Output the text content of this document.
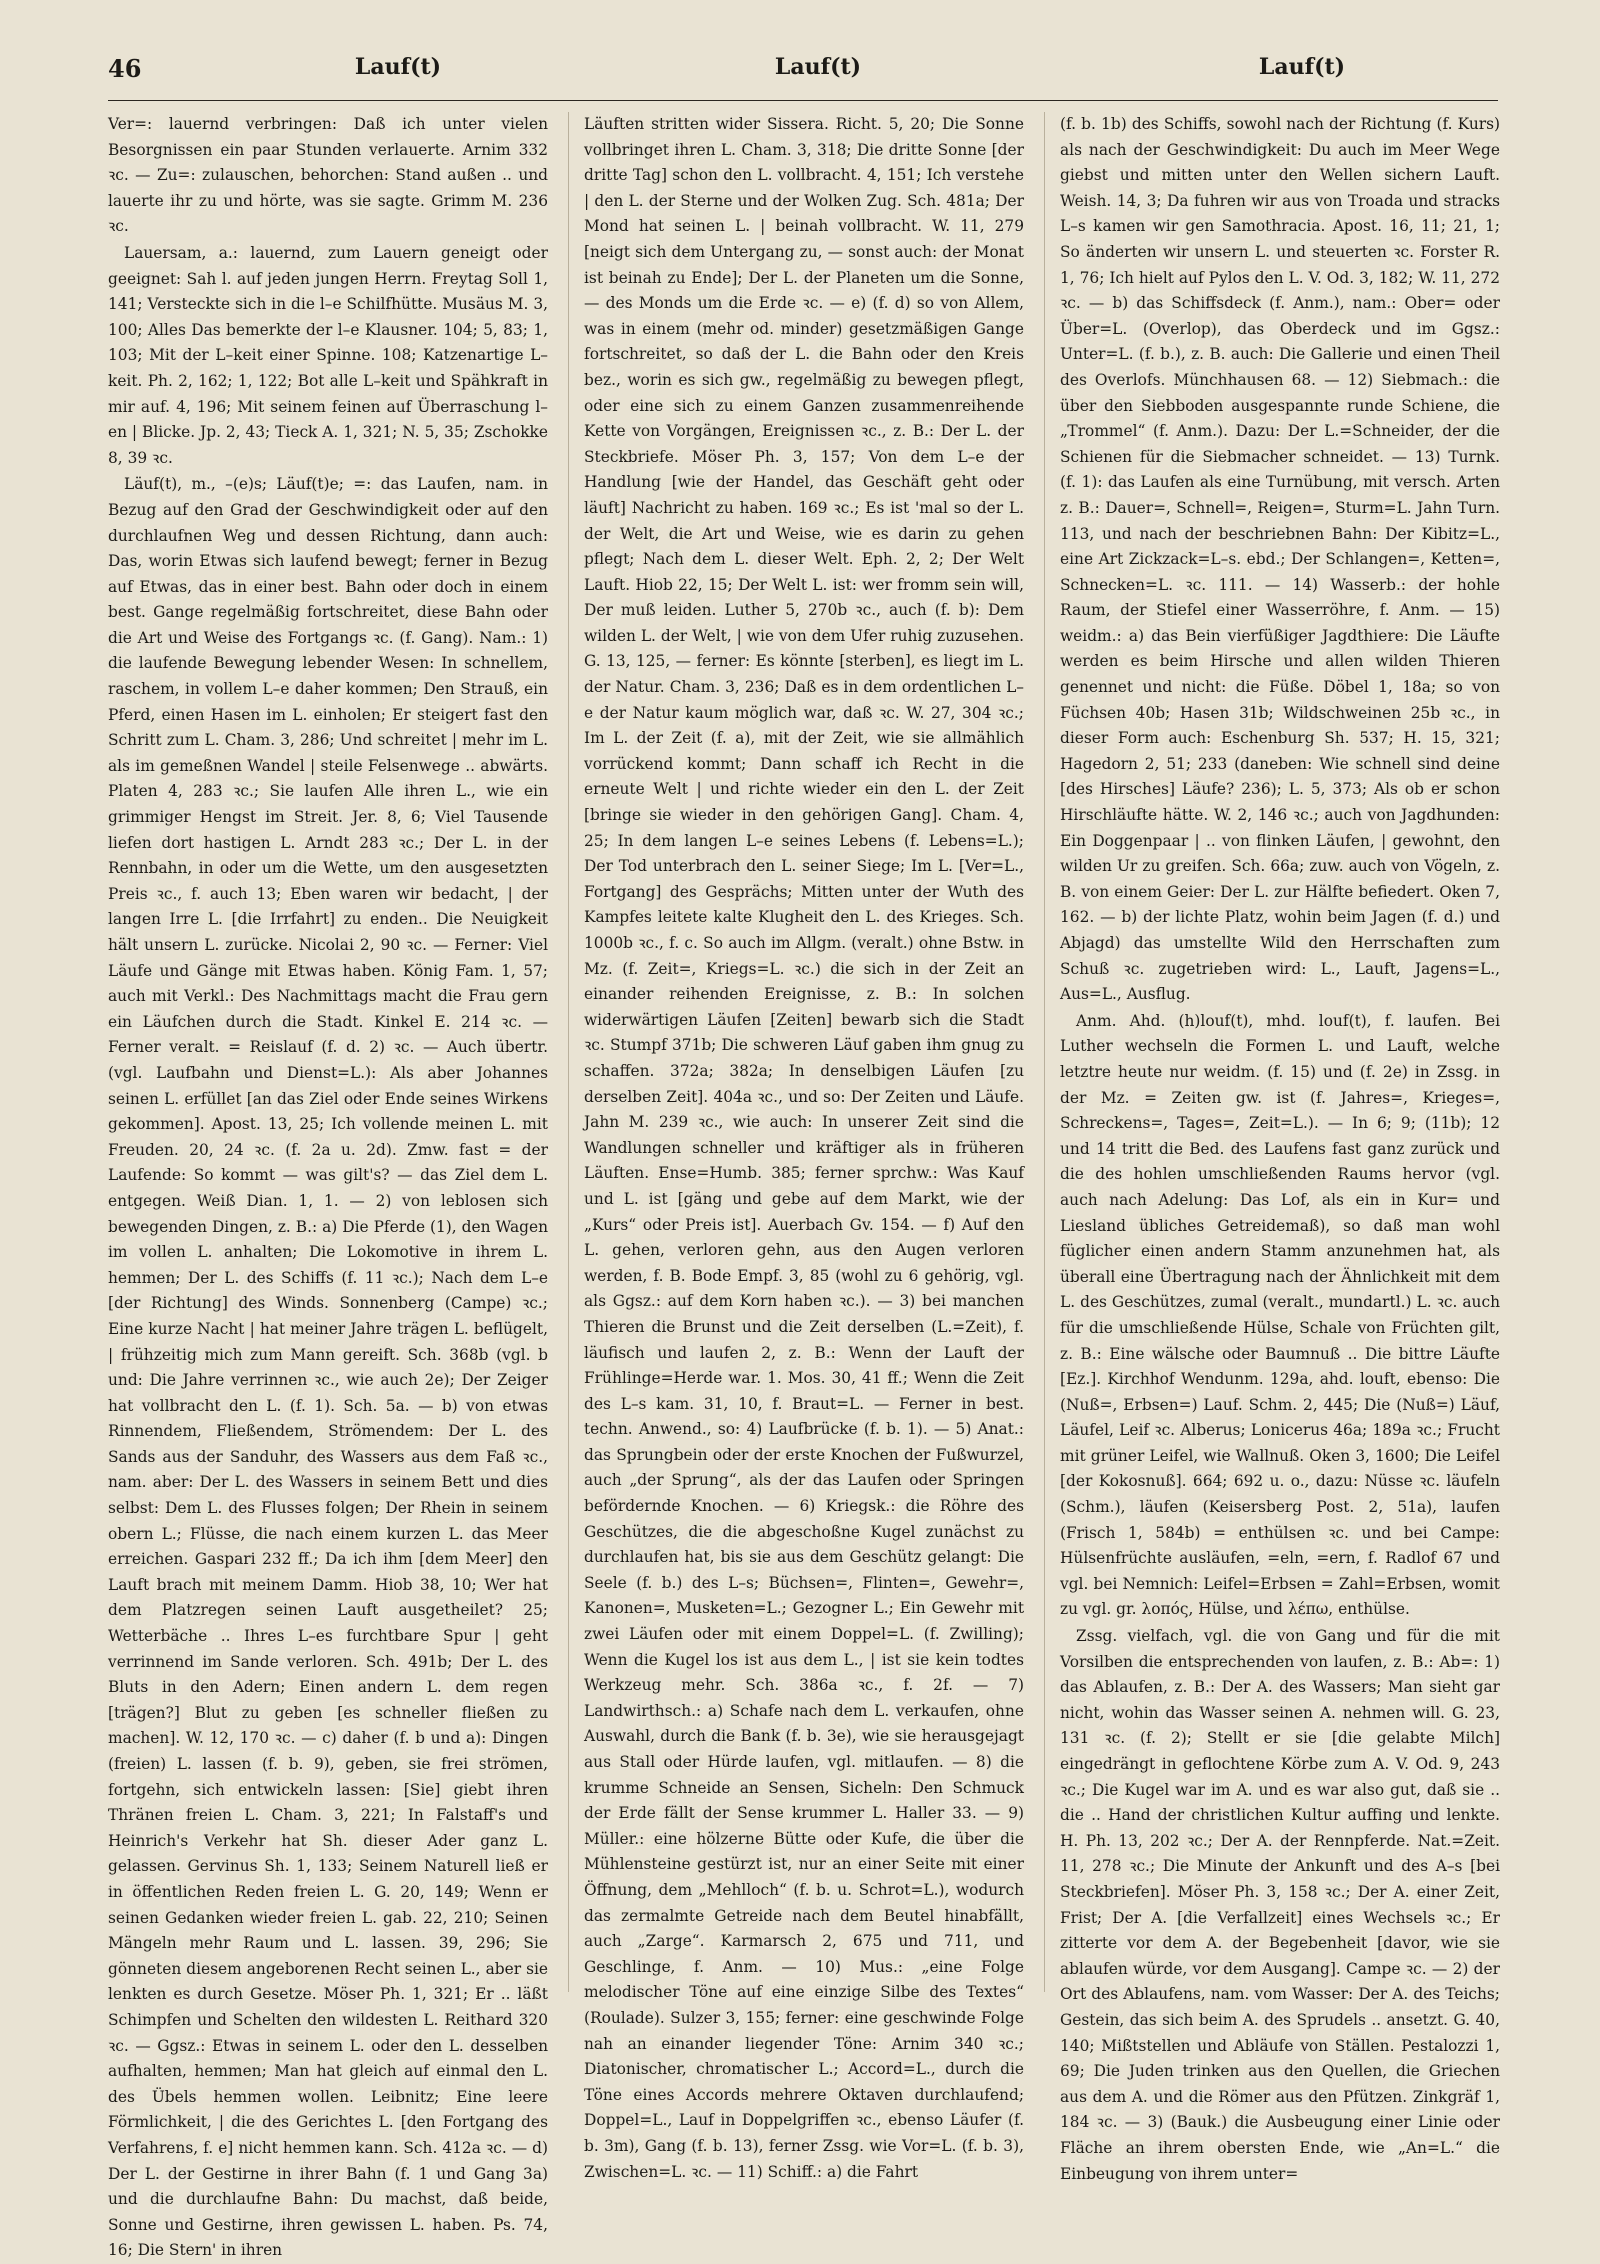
46	Lauf(t)	Lauf(t)	Lauf(t)

Ver=: lauernd verbringen: Daß ich unter vielen Besorgnissen ein paar Stunden verlauerte. Arnim 332 ꝛc. — Zu=: zulauschen, behorchen: Stand außen .. und lauerte ihr zu und hörte, was sie sagte. Grimm M. 236 ꝛc.

Lauersam, a.: lauernd, zum Lauern geneigt oder geeignet: Sah l. auf jeden jungen Herrn. Freytag Soll 1, 141; Versteckte sich in die l–e Schilfhütte. Musäus M. 3, 100; Alles Das bemerkte der l–e Klausner. 104; 5, 83; 1, 103; Mit der L–keit einer Spinne. 108; Katzenartige L–keit. Ph. 2, 162; 1, 122; Bot alle L–keit und Spähkraft in mir auf. 4, 196; Mit seinem feinen auf Überraschung l–en | Blicke. Jp. 2, 43; Tieck A. 1, 321; N. 5, 35; Zschokke 8, 39 ꝛc.

Läuf(t), m., –(e)s; Läuf(t)e; =: das Laufen, nam. in Bezug auf den Grad der Geschwindigkeit oder auf den durchlaufnen Weg und dessen Richtung, dann auch: Das, worin Etwas sich laufend bewegt; ferner in Bezug auf Etwas, das in einer best. Bahn oder doch in einem best. Gange regelmäßig fortschreitet, diese Bahn oder die Art und Weise des Fortgangs ꝛc. (f. Gang). Nam.: 1) die laufende Bewegung lebender Wesen: In schnellem, raschem, in vollem L–e daher kommen; Den Strauß, ein Pferd, einen Hasen im L. einholen; Er steigert fast den Schritt zum L. Cham. 3, 286; Und schreitet | mehr im L. als im gemeßnen Wandel | steile Felsenwege .. abwärts. Platen 4, 283 ꝛc.; Sie laufen Alle ihren L., wie ein grimmiger Hengst im Streit. Jer. 8, 6; Viel Tausende liefen dort hastigen L. Arndt 283 ꝛc.; Der L. in der Rennbahn, in oder um die Wette, um den ausgesetzten Preis ꝛc., f. auch 13; Eben waren wir bedacht, | der langen Irre L. [die Irrfahrt] zu enden.. Die Neuigkeit hält unsern L. zurücke. Nicolai 2, 90 ꝛc. — Ferner: Viel Läufe und Gänge mit Etwas haben. König Fam. 1, 57; auch mit Verkl.: Des Nachmittags macht die Frau gern ein Läufchen durch die Stadt. Kinkel E. 214 ꝛc. — Ferner veralt. = Reislauf (f. d. 2) ꝛc. — Auch übertr. (vgl. Laufbahn und Dienst=L.): Als aber Johannes seinen L. erfüllet [an das Ziel oder Ende seines Wirkens gekommen]. Apost. 13, 25; Ich vollende meinen L. mit Freuden. 20, 24 ꝛc. (f. 2a u. 2d). Zmw. fast = der Laufende: So kommt — was gilt's? — das Ziel dem L. entgegen. Weiß Dian. 1, 1. — 2) von leblosen sich bewegenden Dingen, z. B.: a) Die Pferde (1), den Wagen im vollen L. anhalten; Die Lokomotive in ihrem L. hemmen; Der L. des Schiffs (f. 11 ꝛc.); Nach dem L–e [der Richtung] des Winds. Sonnenberg (Campe) ꝛc.; Eine kurze Nacht | hat meiner Jahre trägen L. beflügelt, | frühzeitig mich zum Mann gereift. Sch. 368b (vgl. b und: Die Jahre verrinnen ꝛc., wie auch 2e); Der Zeiger hat vollbracht den L. (f. 1). Sch. 5a. — b) von etwas Rinnendem, Fließendem, Strömendem: Der L. des Sands aus der Sanduhr, des Wassers aus dem Faß ꝛc., nam. aber: Der L. des Wassers in seinem Bett und dies selbst: Dem L. des Flusses folgen; Der Rhein in seinem obern L.; Flüsse, die nach einem kurzen L. das Meer erreichen. Gaspari 232 ff.; Da ich ihm [dem Meer] den Lauft brach mit meinem Damm. Hiob 38, 10; Wer hat dem Platzregen seinen Lauft ausgetheilet? 25; Wetterbäche .. Ihres L–es furchtbare Spur | geht verrinnend im Sande verloren. Sch. 491b; Der L. des Bluts in den Adern; Einen andern L. dem regen [trägen?] Blut zu geben [es schneller fließen zu machen]. W. 12, 170 ꝛc. — c) daher (f. b und a): Dingen (freien) L. lassen (f. b. 9), geben, sie frei strömen, fortgehn, sich entwickeln lassen: [Sie] giebt ihren Thränen freien L. Cham. 3, 221; In Falstaff's und Heinrich's Verkehr hat Sh. dieser Ader ganz L. gelassen. Gervinus Sh. 1, 133; Seinem Naturell ließ er in öffentlichen Reden freien L. G. 20, 149; Wenn er seinen Gedanken wieder freien L. gab. 22, 210; Seinen Mängeln mehr Raum und L. lassen. 39, 296; Sie gönneten diesem angeborenen Recht seinen L., aber sie lenkten es durch Gesetze. Möser Ph. 1, 321; Er .. läßt Schimpfen und Schelten den wildesten L. Reithard 320 ꝛc. — Ggsz.: Etwas in seinem L. oder den L. desselben aufhalten, hemmen; Man hat gleich auf einmal den L. des Übels hemmen wollen. Leibnitz; Eine leere Förmlichkeit, | die des Gerichtes L. [den Fortgang des Verfahrens, f. e] nicht hemmen kann. Sch. 412a ꝛc. — d) Der L. der Gestirne in ihrer Bahn (f. 1 und Gang 3a) und die durchlaufne Bahn: Du machst, daß beide, Sonne und Gestirne, ihren gewissen L. haben. Ps. 74, 16; Die Stern' in ihren

Läuften stritten wider Sissera. Richt. 5, 20; Die Sonne vollbringet ihren L. Cham. 3, 318; Die dritte Sonne [der dritte Tag] schon den L. vollbracht. 4, 151; Ich verstehe | den L. der Sterne und der Wolken Zug. Sch. 481a; Der Mond hat seinen L. | beinah vollbracht. W. 11, 279 [neigt sich dem Untergang zu, — sonst auch: der Monat ist beinah zu Ende]; Der L. der Planeten um die Sonne, — des Monds um die Erde ꝛc. — e) (f. d) so von Allem, was in einem (mehr od. minder) gesetzmäßigen Gange fortschreitet, so daß der L. die Bahn oder den Kreis bez., worin es sich gw., regelmäßig zu bewegen pflegt, oder eine sich zu einem Ganzen zusammenreihende Kette von Vorgängen, Ereignissen ꝛc., z. B.: Der L. der Steckbriefe. Möser Ph. 3, 157; Von dem L–e der Handlung [wie der Handel, das Geschäft geht oder läuft] Nachricht zu haben. 169 ꝛc.; Es ist 'mal so der L. der Welt, die Art und Weise, wie es darin zu gehen pflegt; Nach dem L. dieser Welt. Eph. 2, 2; Der Welt Lauft. Hiob 22, 15; Der Welt L. ist: wer fromm sein will, Der muß leiden. Luther 5, 270b ꝛc., auch (f. b): Dem wilden L. der Welt, | wie von dem Ufer ruhig zuzusehen. G. 13, 125, — ferner: Es könnte [sterben], es liegt im L. der Natur. Cham. 3, 236; Daß es in dem ordentlichen L–e der Natur kaum möglich war, daß ꝛc. W. 27, 304 ꝛc.; Im L. der Zeit (f. a), mit der Zeit, wie sie allmählich vorrückend kommt; Dann schaff ich Recht in die erneute Welt | und richte wieder ein den L. der Zeit [bringe sie wieder in den gehörigen Gang]. Cham. 4, 25; In dem langen L–e seines Lebens (f. Lebens=L.); Der Tod unterbrach den L. seiner Siege; Im L. [Ver=L., Fortgang] des Gesprächs; Mitten unter der Wuth des Kampfes leitete kalte Klugheit den L. des Krieges. Sch. 1000b ꝛc., f. c. So auch im Allgm. (veralt.) ohne Bstw. in Mz. (f. Zeit=, Kriegs=L. ꝛc.) die sich in der Zeit an einander reihenden Ereignisse, z. B.: In solchen widerwärtigen Läufen [Zeiten] bewarb sich die Stadt ꝛc. Stumpf 371b; Die schweren Läuf gaben ihm gnug zu schaffen. 372a; 382a; In denselbigen Läufen [zu derselben Zeit]. 404a ꝛc., und so: Der Zeiten und Läufe. Jahn M. 239 ꝛc., wie auch: In unserer Zeit sind die Wandlungen schneller und kräftiger als in früheren Läuften. Ense=Humb. 385; ferner sprchw.: Was Kauf und L. ist [gäng und gebe auf dem Markt, wie der „Kurs“ oder Preis ist]. Auerbach Gv. 154. — f) Auf den L. gehen, verloren gehn, aus den Augen verloren werden, f. B. Bode Empf. 3, 85 (wohl zu 6 gehörig, vgl. als Ggsz.: auf dem Korn haben ꝛc.). — 3) bei manchen Thieren die Brunst und die Zeit derselben (L.=Zeit), f. läufisch und laufen 2, z. B.: Wenn der Lauft der Frühlinge=Herde war. 1. Mos. 30, 41 ff.; Wenn die Zeit des L–s kam. 31, 10, f. Braut=L. — Ferner in best. techn. Anwend., so: 4) Laufbrücke (f. b. 1). — 5) Anat.: das Sprungbein oder der erste Knochen der Fußwurzel, auch „der Sprung“, als der das Laufen oder Springen befördernde Knochen. — 6) Kriegsk.: die Röhre des Geschützes, die die abgeschoßne Kugel zunächst zu durchlaufen hat, bis sie aus dem Geschütz gelangt: Die Seele (f. b.) des L–s; Büchsen=, Flinten=, Gewehr=, Kanonen=, Musketen=L.; Gezogner L.; Ein Gewehr mit zwei Läufen oder mit einem Doppel=L. (f. Zwilling); Wenn die Kugel los ist aus dem L., | ist sie kein todtes Werkzeug mehr. Sch. 386a ꝛc., f. 2f. — 7) Landwirthsch.: a) Schafe nach dem L. verkaufen, ohne Auswahl, durch die Bank (f. b. 3e), wie sie herausgejagt aus Stall oder Hürde laufen, vgl. mitlaufen. — 8) die krumme Schneide an Sensen, Sicheln: Den Schmuck der Erde fällt der Sense krummer L. Haller 33. — 9) Müller.: eine hölzerne Bütte oder Kufe, die über die Mühlensteine gestürzt ist, nur an einer Seite mit einer Öffnung, dem „Mehlloch“ (f. b. u. Schrot=L.), wodurch das zermalmte Getreide nach dem Beutel hinabfällt, auch „Zarge“. Karmarsch 2, 675 und 711, und Geschlinge, f. Anm. — 10) Mus.: „eine Folge melodischer Töne auf eine einzige Silbe des Textes“ (Roulade). Sulzer 3, 155; ferner: eine geschwinde Folge nah an einander liegender Töne: Arnim 340 ꝛc.; Diatonischer, chromatischer L.; Accord=L., durch die Töne eines Accords mehrere Oktaven durchlaufend; Doppel=L., Lauf in Doppelgriffen ꝛc., ebenso Läufer (f. b. 3m), Gang (f. b. 13), ferner Zssg. wie Vor=L. (f. b. 3), Zwischen=L. ꝛc. — 11) Schiff.: a) die Fahrt

(f. b. 1b) des Schiffs, sowohl nach der Richtung (f. Kurs) als nach der Geschwindigkeit: Du auch im Meer Wege giebst und mitten unter den Wellen sichern Lauft. Weish. 14, 3; Da fuhren wir aus von Troada und stracks L–s kamen wir gen Samothracia. Apost. 16, 11; 21, 1; So änderten wir unsern L. und steuerten ꝛc. Forster R. 1, 76; Ich hielt auf Pylos den L. V. Od. 3, 182; W. 11, 272 ꝛc. — b) das Schiffsdeck (f. Anm.), nam.: Ober= oder Über=L. (Overlop), das Oberdeck und im Ggsz.: Unter=L. (f. b.), z. B. auch: Die Gallerie und einen Theil des Overlofs. Münchhausen 68. — 12) Siebmach.: die über den Siebboden ausgespannte runde Schiene, die „Trommel“ (f. Anm.). Dazu: Der L.=Schneider, der die Schienen für die Siebmacher schneidet. — 13) Turnk. (f. 1): das Laufen als eine Turnübung, mit versch. Arten z. B.: Dauer=, Schnell=, Reigen=, Sturm=L. Jahn Turn. 113, und nach der beschriebnen Bahn: Der Kibitz=L., eine Art Zickzack=L–s. ebd.; Der Schlangen=, Ketten=, Schnecken=L. ꝛc. 111. — 14) Wasserb.: der hohle Raum, der Stiefel einer Wasserröhre, f. Anm. — 15) weidm.: a) das Bein vierfüßiger Jagdthiere: Die Läufte werden es beim Hirsche und allen wilden Thieren genennet und nicht: die Füße. Döbel 1, 18a; so von Füchsen 40b; Hasen 31b; Wildschweinen 25b ꝛc., in dieser Form auch: Eschenburg Sh. 537; H. 15, 321; Hagedorn 2, 51; 233 (daneben: Wie schnell sind deine [des Hirsches] Läufe? 236); L. 5, 373; Als ob er schon Hirschläufte hätte. W. 2, 146 ꝛc.; auch von Jagdhunden: Ein Doggenpaar | .. von flinken Läufen, | gewohnt, den wilden Ur zu greifen. Sch. 66a; zuw. auch von Vögeln, z. B. von einem Geier: Der L. zur Hälfte befiedert. Oken 7, 162. — b) der lichte Platz, wohin beim Jagen (f. d.) und Abjagd) das umstellte Wild den Herrschaften zum Schuß ꝛc. zugetrieben wird: L., Lauft, Jagens=L., Aus=L., Ausflug.

Anm. Ahd. (h)louf(t), mhd. louf(t), f. laufen. Bei Luther wechseln die Formen L. und Lauft, welche letztre heute nur weidm. (f. 15) und (f. 2e) in Zssg. in der Mz. = Zeiten gw. ist (f. Jahres=, Krieges=, Schreckens=, Tages=, Zeit=L.). — In 6; 9; (11b); 12 und 14 tritt die Bed. des Laufens fast ganz zurück und die des hohlen umschließenden Raums hervor (vgl. auch nach Adelung: Das Lof, als ein in Kur= und Liesland übliches Getreidemaß), so daß man wohl füglicher einen andern Stamm anzunehmen hat, als überall eine Übertragung nach der Ähnlichkeit mit dem L. des Geschützes, zumal (veralt., mundartl.) L. ꝛc. auch für die umschließende Hülse, Schale von Früchten gilt, z. B.: Eine wälsche oder Baumnuß .. Die bittre Läufte [Ez.]. Kirchhof Wendunm. 129a, ahd. louft, ebenso: Die (Nuß=, Erbsen=) Lauf. Schm. 2, 445; Die (Nuß=) Läuf, Läufel, Leif ꝛc. Alberus; Lonicerus 46a; 189a ꝛc.; Frucht mit grüner Leifel, wie Wallnuß. Oken 3, 1600; Die Leifel [der Kokosnuß]. 664; 692 u. o., dazu: Nüsse ꝛc. läufeln (Schm.), läufen (Keisersberg Post. 2, 51a), laufen (Frisch 1, 584b) = enthülsen ꝛc. und bei Campe: Hülsenfrüchte ausläufen, =eln, =ern, f. Radlof 67 und vgl. bei Nemnich: Leifel=Erbsen = Zahl=Erbsen, womit zu vgl. gr. λοπός, Hülse, und λέπω, enthülse.

Zssg. vielfach, vgl. die von Gang und für die mit Vorsilben die entsprechenden von laufen, z. B.: Ab=: 1) das Ablaufen, z. B.: Der A. des Wassers; Man sieht gar nicht, wohin das Wasser seinen A. nehmen will. G. 23, 131 ꝛc. (f. 2); Stellt er sie [die gelabte Milch] eingedrängt in geflochtene Körbe zum A. V. Od. 9, 243 ꝛc.; Die Kugel war im A. und es war also gut, daß sie .. die .. Hand der christlichen Kultur auffing und lenkte. H. Ph. 13, 202 ꝛc.; Der A. der Rennpferde. Nat.=Zeit. 11, 278 ꝛc.; Die Minute der Ankunft und des A–s [bei Steckbriefen]. Möser Ph. 3, 158 ꝛc.; Der A. einer Zeit, Frist; Der A. [die Verfallzeit] eines Wechsels ꝛc.; Er zitterte vor dem A. der Begebenheit [davor, wie sie ablaufen würde, vor dem Ausgang]. Campe ꝛc. — 2) der Ort des Ablaufens, nam. vom Wasser: Der A. des Teichs; Gestein, das sich beim A. des Sprudels .. ansetzt. G. 40, 140; Mißtstellen und Abläufe von Ställen. Pestalozzi 1, 69; Die Juden trinken aus den Quellen, die Griechen aus dem A. und die Römer aus den Pfützen. Zinkgräf 1, 184 ꝛc. — 3) (Bauk.) die Ausbeugung einer Linie oder Fläche an ihrem obersten Ende, wie „An=L.“ die Einbeugung von ihrem unter=
